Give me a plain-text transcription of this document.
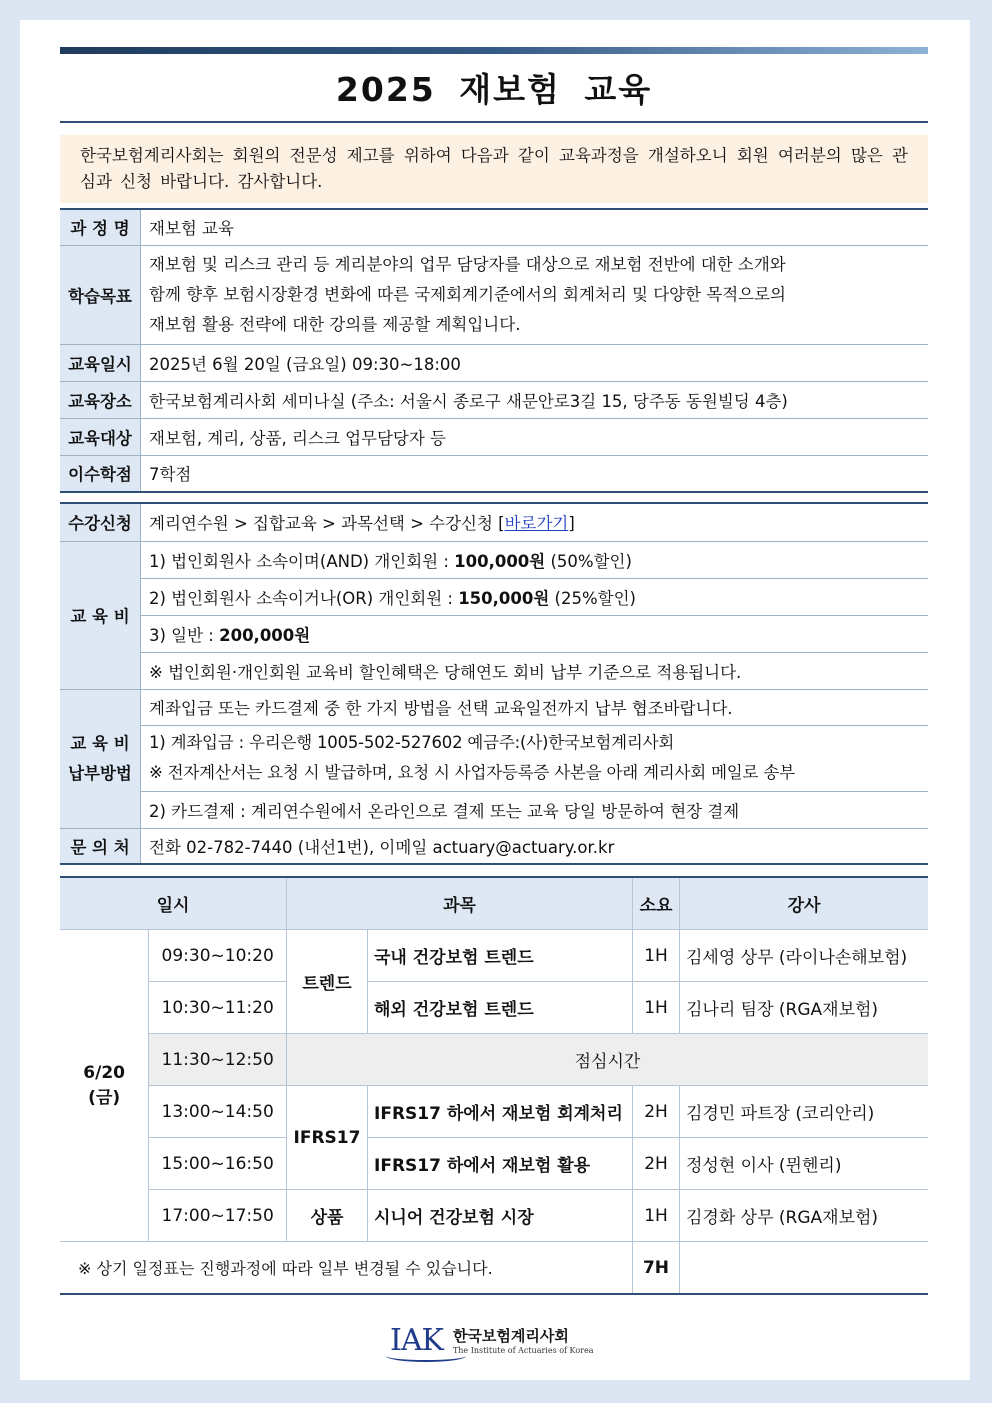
2025 재보험 교육
한국보험계리사회는 회원의 전문성 제고를 위하여 다음과 같이 교육과정을 개설하오니 회원 여러분의 많은 관심과 신청 바랍니다. 감사합니다.
과 정 명	재보험 교육
학습목표	재보험 및 리스크 관리 등 계리분야의 업무 담당자를 대상으로 재보험 전반에 대한 소개와
함께 향후 보험시장환경 변화에 따른 국제회계기준에서의 회계처리 및 다양한 목적으로의
재보험 활용 전략에 대한 강의를 제공할 계획입니다.

교육일시	2025년 6월 20일 (금요일) 09:30~18:00
교육장소	한국보험계리사회 세미나실 (주소: 서울시 종로구 새문안로3길 15, 당주동 동원빌딩 4층)
교육대상	재보험, 계리, 상품, 리스크 업무담당자 등
이수학점	7학점
수강신청	계리연수원 > 집합교육 > 과목선택 > 수강신청 [바로가기]
교 육 비	1) 법인회원사 소속이며(AND) 개인회원 : 100,000원 (50%할인)
	2) 법인회원사 소속이거나(OR) 개인회원 : 150,000원 (25%할인)
	3) 일반 : 200,000원
	※ 법인회원·개인회원 교육비 할인혜택은 당해연도 회비 납부 기준으로 적용됩니다.

교 육 비
납부방법	계좌입금 또는 카드결제 중 한 가지 방법을 선택 교육일전까지 납부 협조바랍니다.

	1) 계좌입금 : 우리은행 1005-502-527602 예금주:(사)한국보험계리사회
※ 전자계산서는 요청 시 발급하며, 요청 시 사업자등록증 사본을 아래 계리사회 메일로 송부

	2) 카드결제 : 계리연수원에서 온라인으로 결제 또는 교육 당일 방문하여 현장 결제
문 의 처	전화 02-782-7440 (내선1번), 이메일 actuary@actuary.or.kr
일시		과목		소요	강사

6/20
(금)	09:30~10:20	트렌드	국내 건강보험 트렌드	1H	김세영 상무 (라이나손해보험)
	10:30~11:20		해외 건강보험 트렌드	1H	김나리 팀장 (RGA재보험)
	11:30~12:50	점심시간			
	13:00~14:50	IFRS17	IFRS17 하에서 재보험 회계처리	2H	김경민 파트장 (코리안리)
	15:00~16:50		IFRS17 하에서 재보험 활용	2H	정성현 이사 (뮌헨리)
	17:00~17:50	상품	시니어 건강보험 시장	1H	김경화 상무 (RGA재보험)
※ 상기 일정표는 진행과정에 따라 일부 변경될 수 있습니다.				7H	
IAK 한국보험계리사회
The Institute of Actuaries of Korea
